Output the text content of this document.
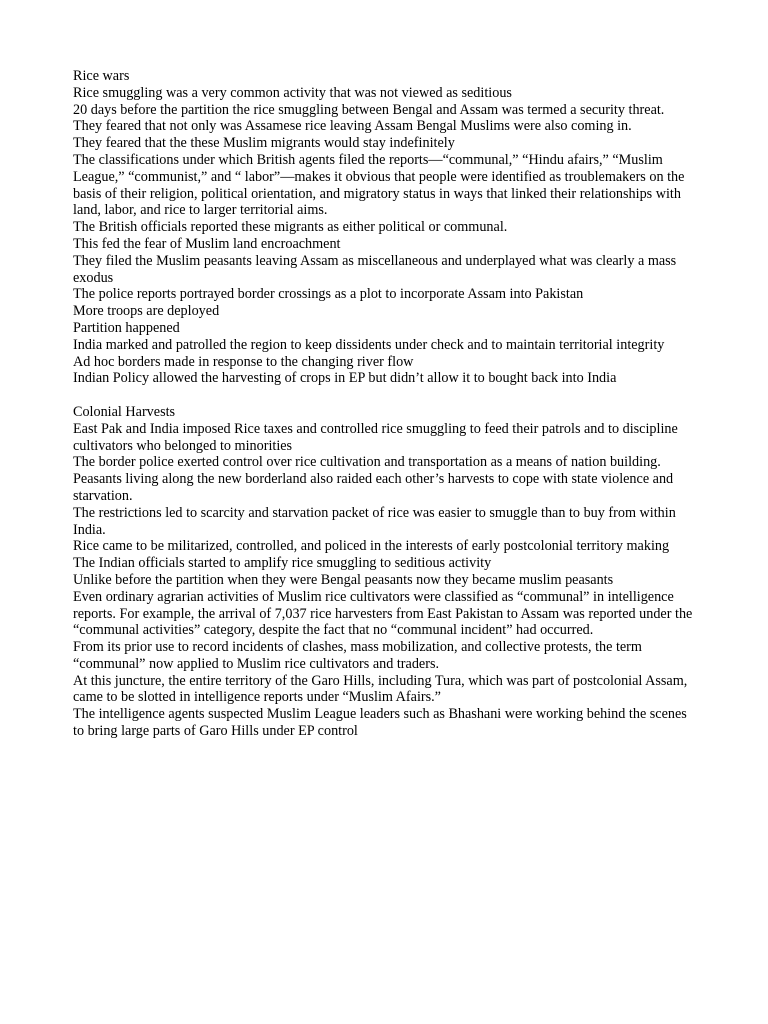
Rice wars

Rice smuggling was a very common activity that was not viewed as seditious

20 days before the partition the rice smuggling between Bengal and Assam was termed a security threat.

They feared that not only was Assamese rice leaving Assam Bengal Muslims were also coming in.

They feared that the these Muslim migrants would stay indefinitely

The classifications under which British agents filed the reports—“communal,” “Hindu afairs,” “Muslim League,” “communist,” and “ labor”—makes it obvious that people were identified as troublemakers on the basis of their religion, political orientation, and migratory status in ways that linked their relationships with land, labor, and rice to larger territorial aims.

The British officials reported these migrants as either political or communal.

This fed the fear of Muslim land encroachment

They filed the Muslim peasants leaving Assam as miscellaneous and underplayed what was clearly a mass exodus

The police reports portrayed border crossings as a plot to incorporate Assam into Pakistan

More troops are deployed

Partition happened

India marked and patrolled the region to keep dissidents under check and to maintain territorial integrity

Ad hoc borders made in response to the changing river flow

Indian Policy allowed the harvesting of crops in EP but didn’t allow it to bought back into India

Colonial Harvests

East Pak and India imposed Rice taxes and controlled rice smuggling to feed their patrols and to discipline cultivators who belonged to minorities

The border police exerted control over rice cultivation and transportation as a means of nation building.

Peasants living along the new borderland also raided each other’s harvests to cope with state violence and starvation.

The restrictions led to scarcity and starvation packet of rice was easier to smuggle than to buy from within India.

Rice came to be militarized, controlled, and policed in the interests of early postcolonial territory making

The Indian officials started to amplify rice smuggling to seditious activity

Unlike before the partition when they were Bengal peasants now they became muslim peasants

Even ordinary agrarian activities of Muslim rice cultivators were classified as “communal” in intelligence reports. For example, the arrival of 7,037 rice harvesters from East Pakistan to Assam was reported under the “communal activities” category, despite the fact that no “communal incident” had occurred.

From its prior use to record incidents of clashes, mass mobilization, and collective protests, the term “communal” now applied to Muslim rice cultivators and traders.

At this juncture, the entire territory of the Garo Hills, including Tura, which was part of postcolonial Assam, came to be slotted in intelligence reports under “Muslim Afairs.”

The intelligence agents suspected Muslim League leaders such as Bhashani were working behind the scenes to bring large parts of Garo Hills under EP control
